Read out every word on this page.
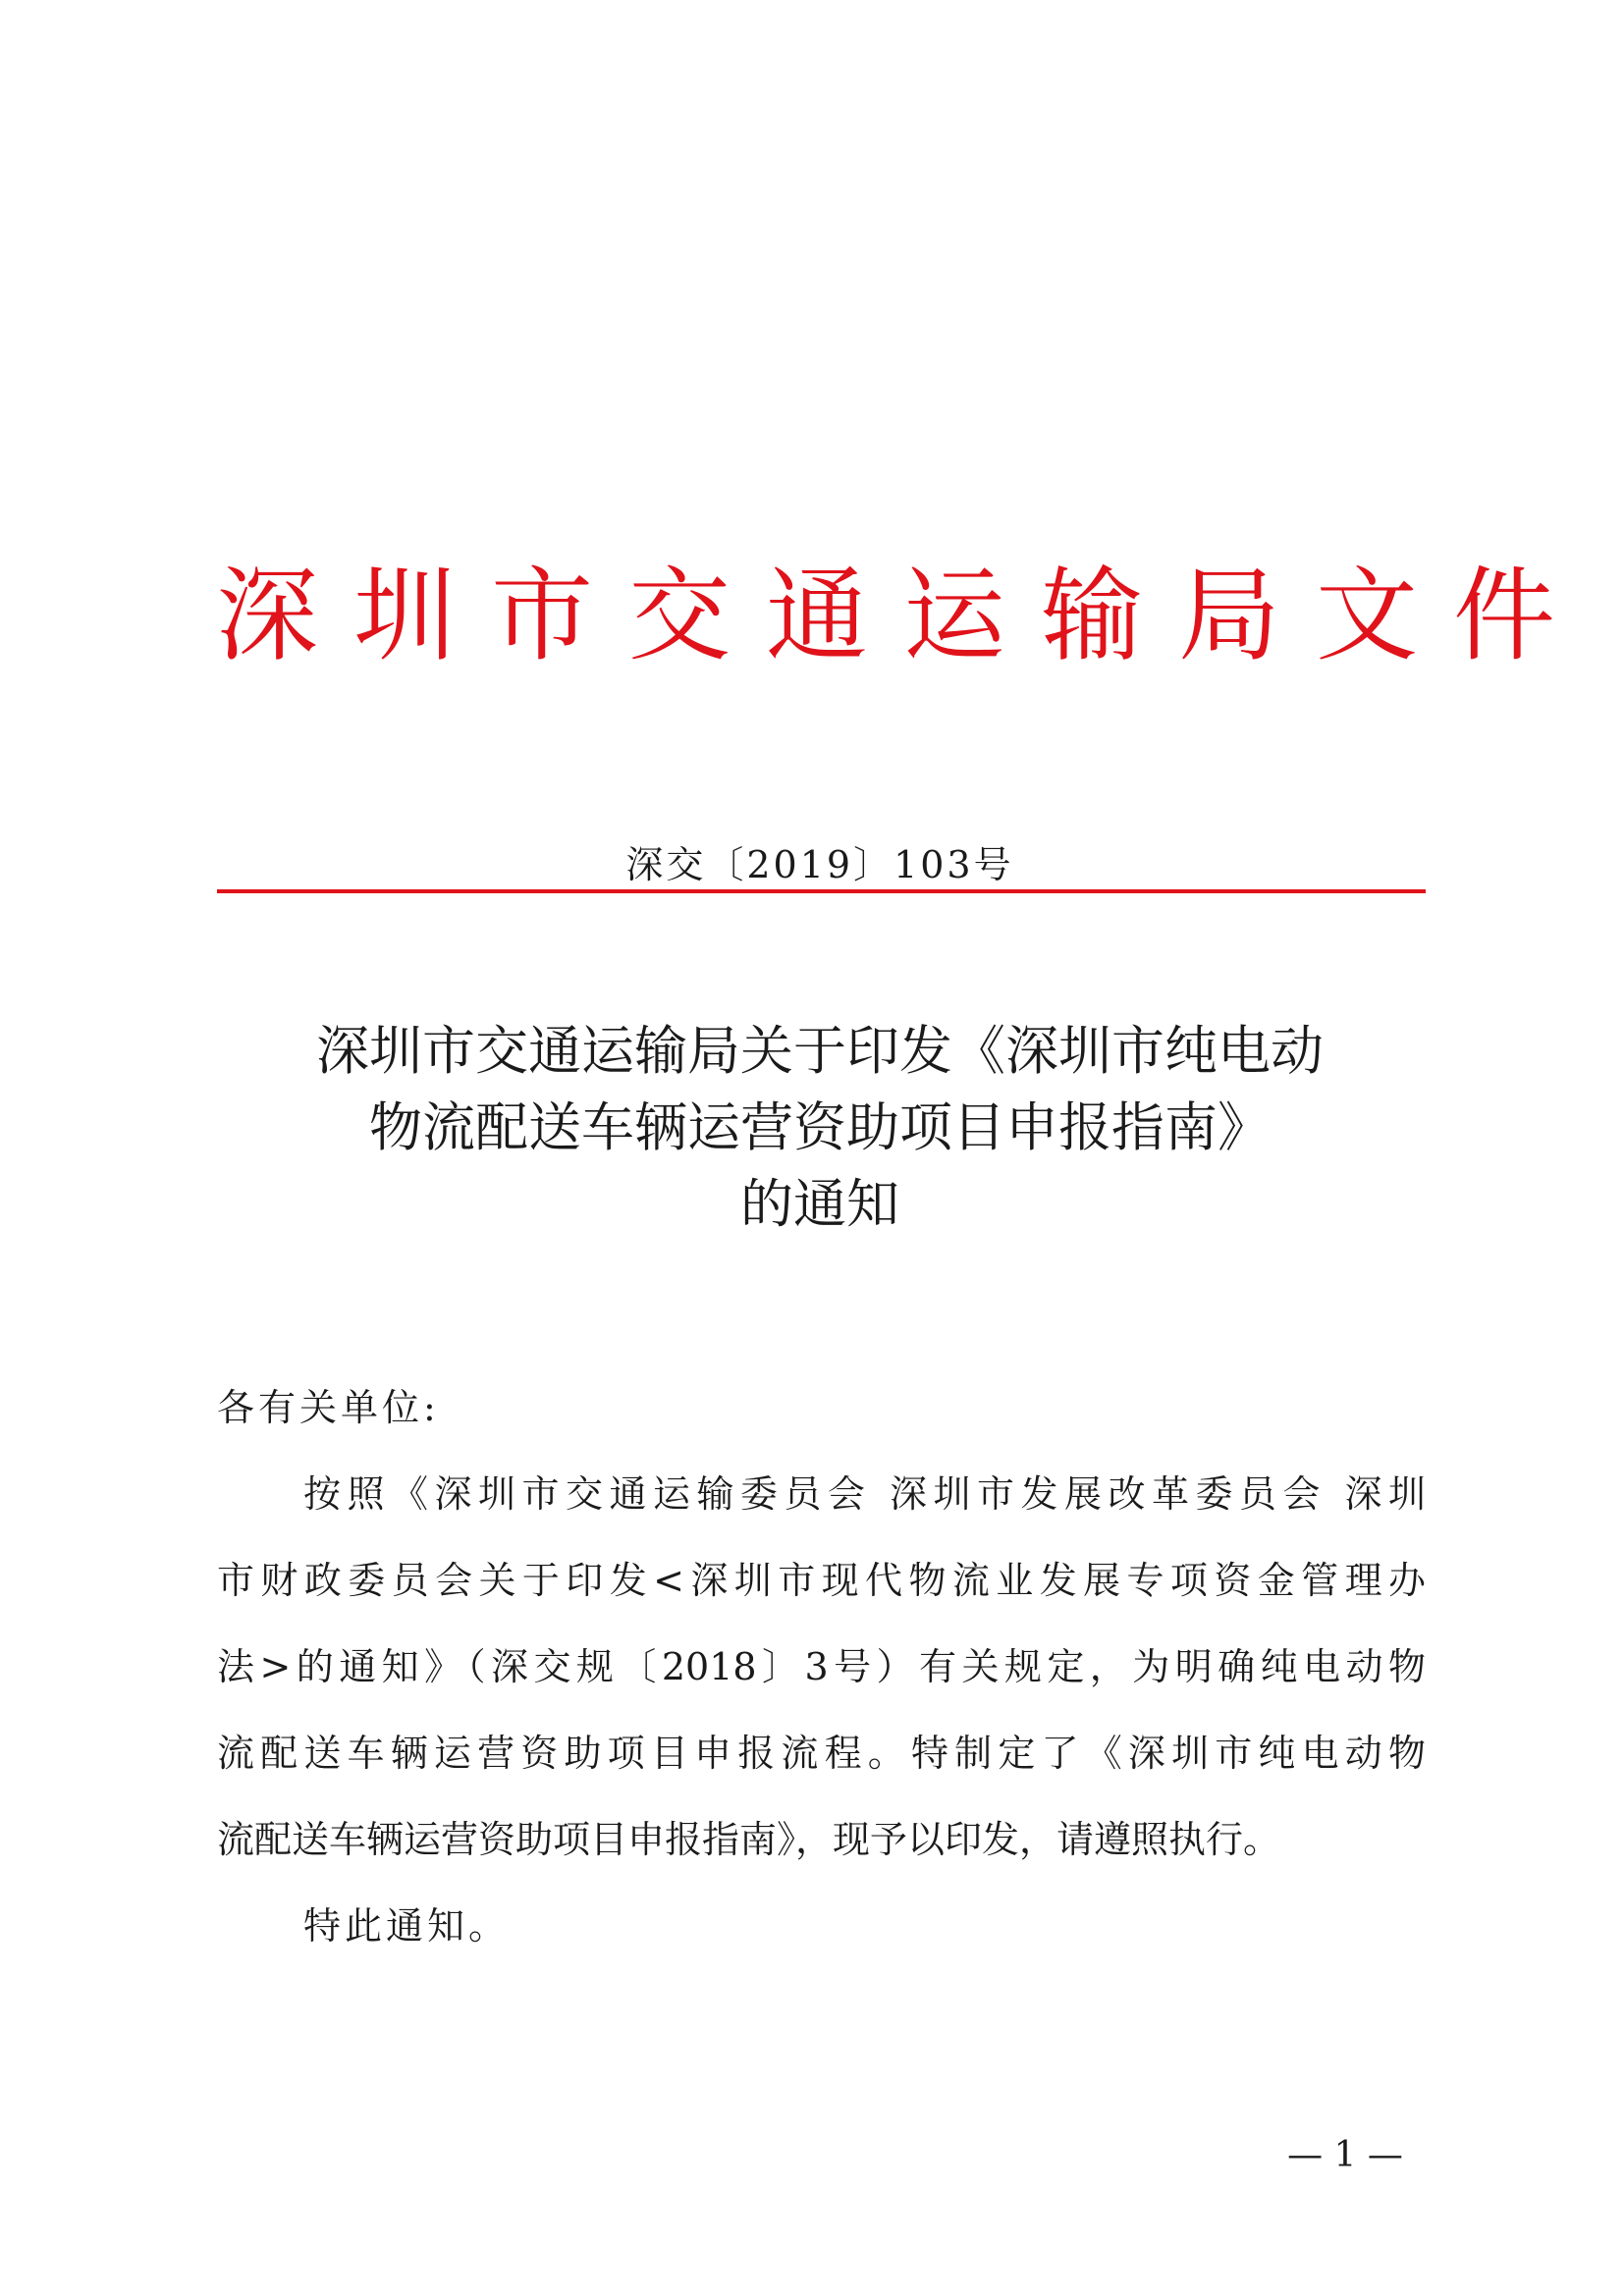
深圳市交通运输局文件
深交〔2019〕103号
深圳市交通运输局关于印发《深圳市纯电动
物流配送车辆运营资助项目申报指南》
的通知
各有关单位:
按照《深圳市交通运输委员会 深圳市发展改革委员会 深圳
市财政委员会关于印发<深圳市现代物流业发展专项资金管理办
法>的通知》（深交规〔2018〕3号）有关规定，为明确纯电动物
流配送车辆运营资助项目申报流程。特制定了《深圳市纯电动物
流配送车辆运营资助项目申报指南》，现予以印发，请遵照执行。
特此通知。
— 1 —
